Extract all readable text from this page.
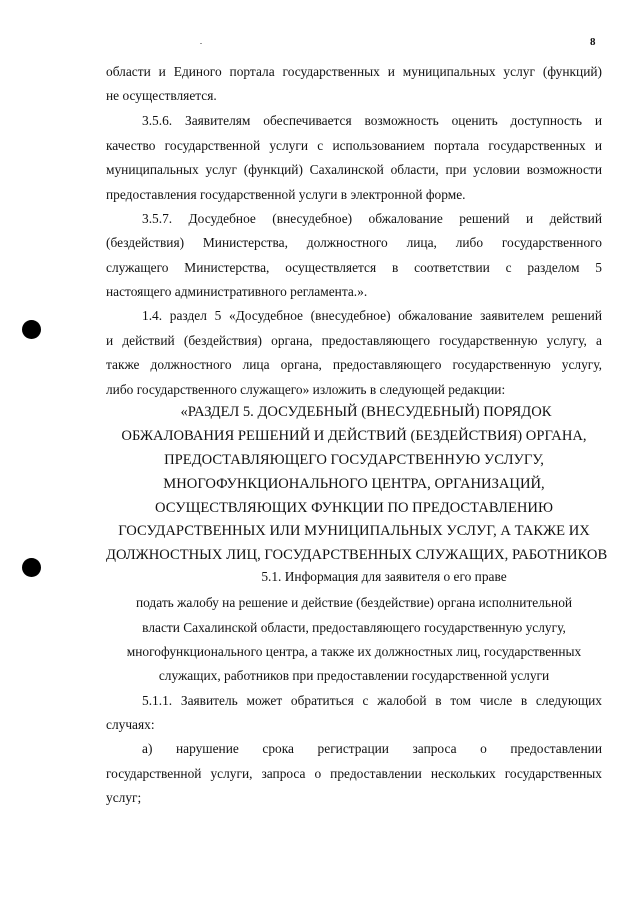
8
области и Единого портала государственных и муниципальных услуг (функций)
не осуществляется.
3.5.6. Заявителям обеспечивается возможность оценить доступность и
качество государственной услуги с использованием портала государственных и
муниципальных услуг (функций) Сахалинской области, при условии возможности
предоставления государственной услуги в электронной форме.
3.5.7. Досудебное (внесудебное) обжалование решений и действий
(бездействия) Министерства, должностного лица, либо государственного
служащего Министерства, осуществляется в соответствии с разделом 5
настоящего административного регламента.».
1.4. раздел 5 «Досудебное (внесудебное) обжалование заявителем решений
и действий (бездействия) органа, предоставляющего государственную услугу, а
также должностного лица органа, предоставляющего государственную услугу,
либо государственного служащего» изложить в следующей редакции:
«РАЗДЕЛ 5. ДОСУДЕБНЫЙ (ВНЕСУДЕБНЫЙ) ПОРЯДОК
ОБЖАЛОВАНИЯ РЕШЕНИЙ И ДЕЙСТВИЙ (БЕЗДЕЙСТВИЯ) ОРГАНА,
ПРЕДОСТАВЛЯЮЩЕГО ГОСУДАРСТВЕННУЮ УСЛУГУ,
МНОГОФУНКЦИОНАЛЬНОГО ЦЕНТРА, ОРГАНИЗАЦИЙ,
ОСУЩЕСТВЛЯЮЩИХ ФУНКЦИИ ПО ПРЕДОСТАВЛЕНИЮ
ГОСУДАРСТВЕННЫХ ИЛИ МУНИЦИПАЛЬНЫХ УСЛУГ, А ТАКЖЕ ИХ
ДОЛЖНОСТНЫХ ЛИЦ, ГОСУДАРСТВЕННЫХ СЛУЖАЩИХ, РАБОТНИКОВ
5.1. Информация для заявителя о его праве
подать жалобу на решение и действие (бездействие) органа исполнительной
власти Сахалинской области, предоставляющего государственную услугу,
многофункционального центра, а также их должностных лиц, государственных
служащих, работников при предоставлении государственной услуги
5.1.1. Заявитель может обратиться с жалобой в том числе в следующих
случаях:
а) нарушение срока регистрации запроса о предоставлении
государственной услуги, запроса о предоставлении нескольких государственных
услуг;
